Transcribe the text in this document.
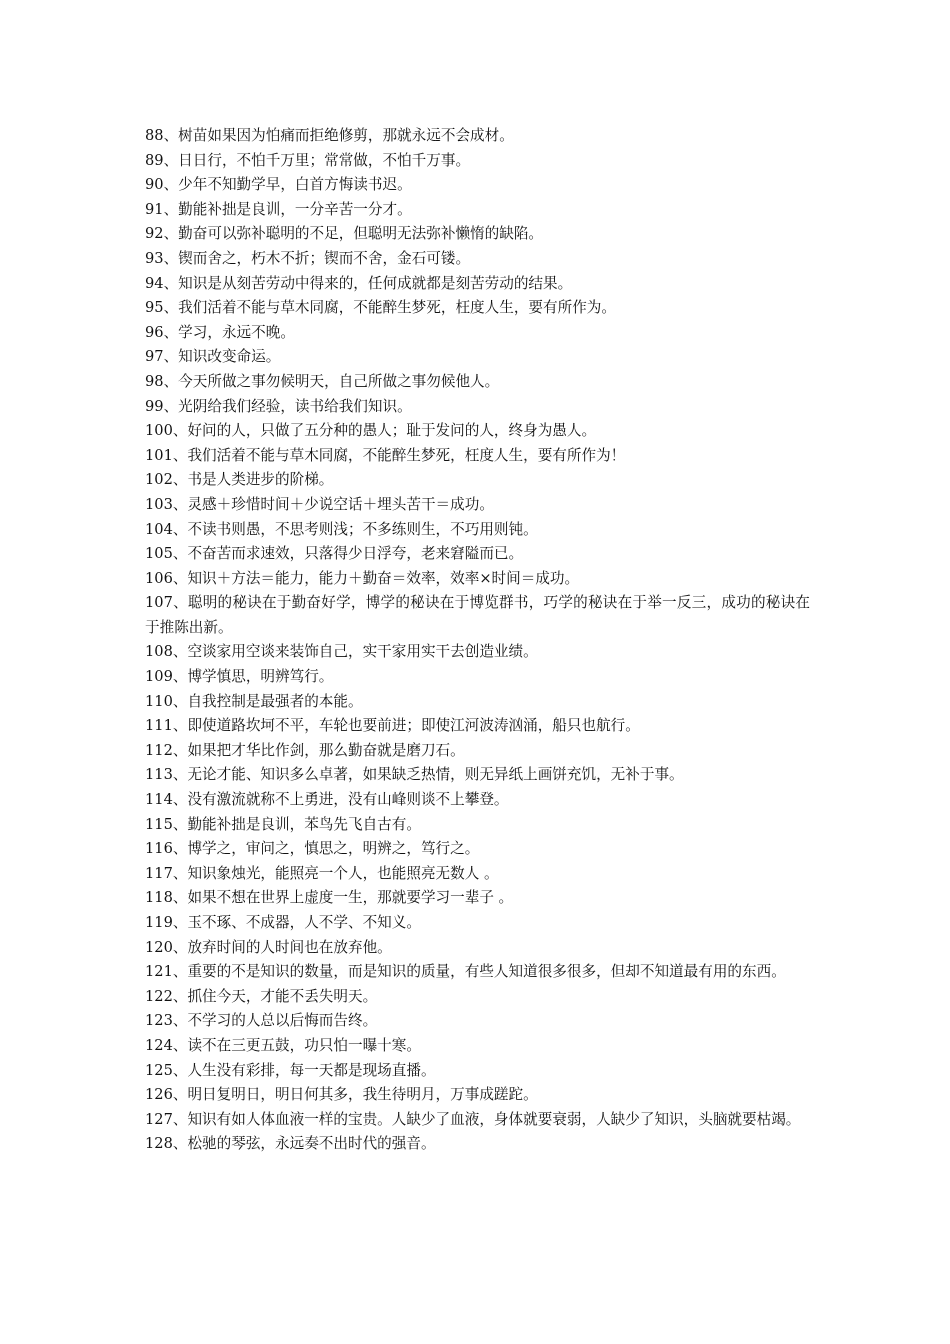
88、树苗如果因为怕痛而拒绝修剪，那就永远不会成材。

89、日日行，不怕千万里；常常做，不怕千万事。

90、少年不知勤学早，白首方悔读书迟。

91、勤能补拙是良训，一分辛苦一分才。

92、勤奋可以弥补聪明的不足，但聪明无法弥补懒惰的缺陷。

93、锲而舍之，朽木不折；锲而不舍，金石可镂。

94、知识是从刻苦劳动中得来的，任何成就都是刻苦劳动的结果。

95、我们活着不能与草木同腐，不能醉生梦死，枉度人生，要有所作为。

96、学习，永远不晚。

97、知识改变命运。

98、今天所做之事勿候明天，自己所做之事勿候他人。

99、光阴给我们经验，读书给我们知识。

100、好问的人，只做了五分种的愚人；耻于发问的人，终身为愚人。

101、我们活着不能与草木同腐，不能醉生梦死，枉度人生，要有所作为！

102、书是人类进步的阶梯。

103、灵感＋珍惜时间＋少说空话＋埋头苦干＝成功。

104、不读书则愚，不思考则浅；不多练则生，不巧用则钝。

105、不奋苦而求速效，只落得少日浮夸，老来窘隘而已。

106、知识＋方法＝能力，能力＋勤奋＝效率，效率×时间＝成功。

107、聪明的秘诀在于勤奋好学，博学的秘诀在于博览群书，巧学的秘诀在于举一反三，成功的秘诀在于推陈出新。

108、空谈家用空谈来装饰自己，实干家用实干去创造业绩。

109、博学慎思，明辨笃行。

110、自我控制是最强者的本能。

111、即使道路坎坷不平，车轮也要前进；即使江河波涛汹涌，船只也航行。

112、如果把才华比作剑，那么勤奋就是磨刀石。

113、无论才能、知识多么卓著，如果缺乏热情，则无异纸上画饼充饥，无补于事。

114、没有激流就称不上勇进，没有山峰则谈不上攀登。

115、勤能补拙是良训，苯鸟先飞自古有。

116、博学之，审问之，慎思之，明辨之，笃行之。

117、知识象烛光，能照亮一个人，也能照亮无数人 。

118、如果不想在世界上虚度一生，那就要学习一辈子 。

119、玉不琢、不成器，人不学、不知义。

120、放弃时间的人时间也在放弃他。

121、重要的不是知识的数量，而是知识的质量，有些人知道很多很多，但却不知道最有用的东西。

122、抓住今天，才能不丢失明天。

123、不学习的人总以后悔而告终。

124、读不在三更五鼓，功只怕一曝十寒。

125、人生没有彩排，每一天都是现场直播。

126、明日复明日，明日何其多，我生待明月，万事成蹉跎。

127、知识有如人体血液一样的宝贵。人缺少了血液，身体就要衰弱，人缺少了知识，头脑就要枯竭。

128、松驰的琴弦，永远奏不出时代的强音。
